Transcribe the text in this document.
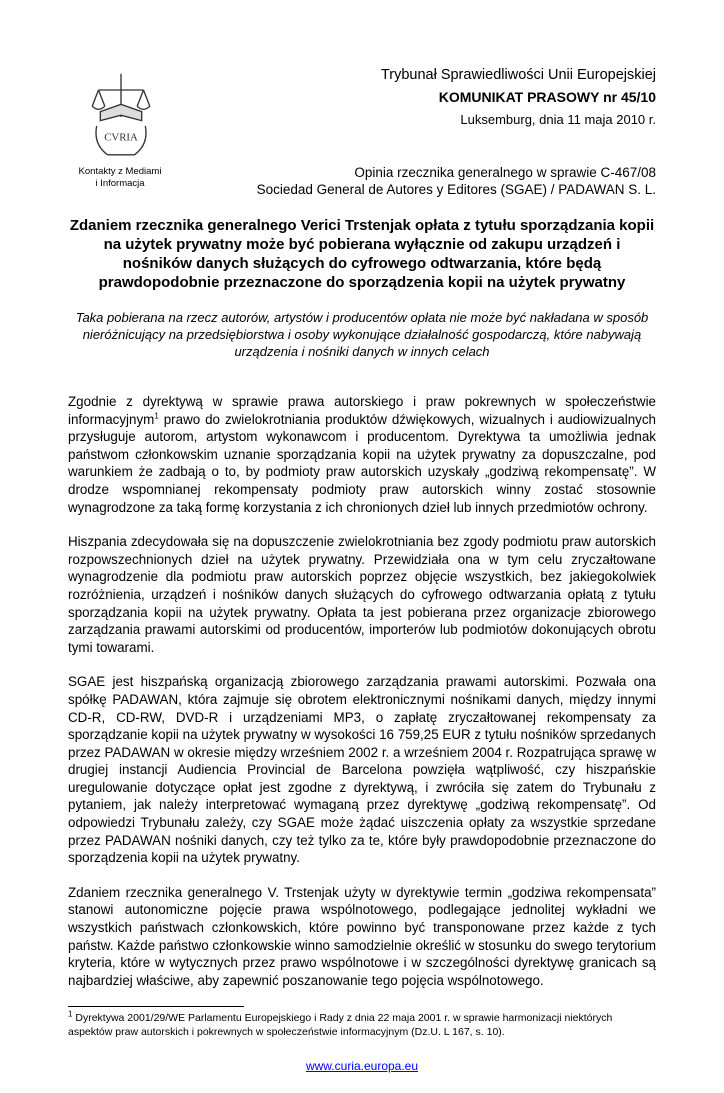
CVRIA
Kontakty z Mediami
i Informacja
Trybunał Sprawiedliwości Unii Europejskiej
KOMUNIKAT PRASOWY nr 45/10
Luksemburg, dnia 11 maja 2010 r.
Opinia rzecznika generalnego w sprawie C-467/08
Sociedad General de Autores y Editores (SGAE) / PADAWAN S. L.
Zdaniem rzecznika generalnego Verici Trstenjak opłata z tytułu sporządzania kopii na użytek prywatny może być pobierana wyłącznie od zakupu urządzeń i nośników danych służących do cyfrowego odtwarzania, które będą prawdopodobnie przeznaczone do sporządzenia kopii na użytek prywatny
Taka pobierana na rzecz autorów, artystów i producentów opłata nie może być nakładana w sposób nieróżnicujący na przedsiębiorstwa i osoby wykonujące działalność gospodarczą, które nabywają urządzenia i nośniki danych w innych celach

Zgodnie z dyrektywą w sprawie prawa autorskiego i praw pokrewnych w społeczeństwie informacyjnym$^1$ prawo do zwielokrotniania produktów dźwiękowych, wizualnych i audiowizualnych przysługuje autorom, artystom wykonawcom i producentom. Dyrektywa ta umożliwia jednak państwom członkowskim uznanie sporządzania kopii na użytek prywatny za dopuszczalne, pod warunkiem że zadbają o to, by podmioty praw autorskich uzyskały „godziwą rekompensatę”. W drodze wspomnianej rekompensaty podmioty praw autorskich winny zostać stosownie wynagrodzone za taką formę korzystania z ich chronionych dzieł lub innych przedmiotów ochrony.

Hiszpania zdecydowała się na dopuszczenie zwielokrotniania bez zgody podmiotu praw autorskich rozpowszechnionych dzieł na użytek prywatny. Przewidziała ona w tym celu zryczałtowane wynagrodzenie dla podmiotu praw autorskich poprzez objęcie wszystkich, bez jakiegokolwiek rozróżnienia, urządzeń i nośników danych służących do cyfrowego odtwarzania opłatą z tytułu sporządzania kopii na użytek prywatny. Opłata ta jest pobierana przez organizacje zbiorowego zarządzania prawami autorskimi od producentów, importerów lub podmiotów dokonujących obrotu tymi towarami.

SGAE jest hiszpańską organizacją zbiorowego zarządzania prawami autorskimi. Pozwała ona spółkę PADAWAN, która zajmuje się obrotem elektronicznymi nośnikami danych, między innymi CD-R, CD-RW, DVD-R i urządzeniami MP3, o zapłatę zryczałtowanej rekompensaty za sporządzanie kopii na użytek prywatny w wysokości 16 759,25 EUR z tytułu nośników sprzedanych przez PADAWAN w okresie między wrześniem 2002 r. a wrześniem 2004 r. Rozpatrująca sprawę w drugiej instancji Audiencia Provincial de Barcelona powzięła wątpliwość, czy hiszpańskie uregulowanie dotyczące opłat jest zgodne z dyrektywą, i zwróciła się zatem do Trybunału z pytaniem, jak należy interpretować wymaganą przez dyrektywę „godziwą rekompensatę”. Od odpowiedzi Trybunału zależy, czy SGAE może żądać uiszczenia opłaty za wszystkie sprzedane przez PADAWAN nośniki danych, czy też tylko za te, które były prawdopodobnie przeznaczone do sporządzenia kopii na użytek prywatny.

Zdaniem rzecznika generalnego V. Trstenjak użyty w dyrektywie termin „godziwa rekompensata” stanowi autonomiczne pojęcie prawa wspólnotowego, podlegające jednolitej wykładni we wszystkich państwach członkowskich, które powinno być transponowane przez każde z tych państw. Każde państwo członkowskie winno samodzielnie określić w stosunku do swego terytorium kryteria, które w wytycznych przez prawo wspólnotowe i w szczególności dyrektywę granicach są najbardziej właściwe, aby zapewnić poszanowanie tego pojęcia wspólnotowego.

$^1$ Dyrektywa 2001/29/WE Parlamentu Europejskiego i Rady z dnia 22 maja 2001 r. w sprawie harmonizacji niektórych aspektów praw autorskich i pokrewnych w społeczeństwie informacyjnym (Dz.U. L 167, s. 10).
www.curia.europa.eu
